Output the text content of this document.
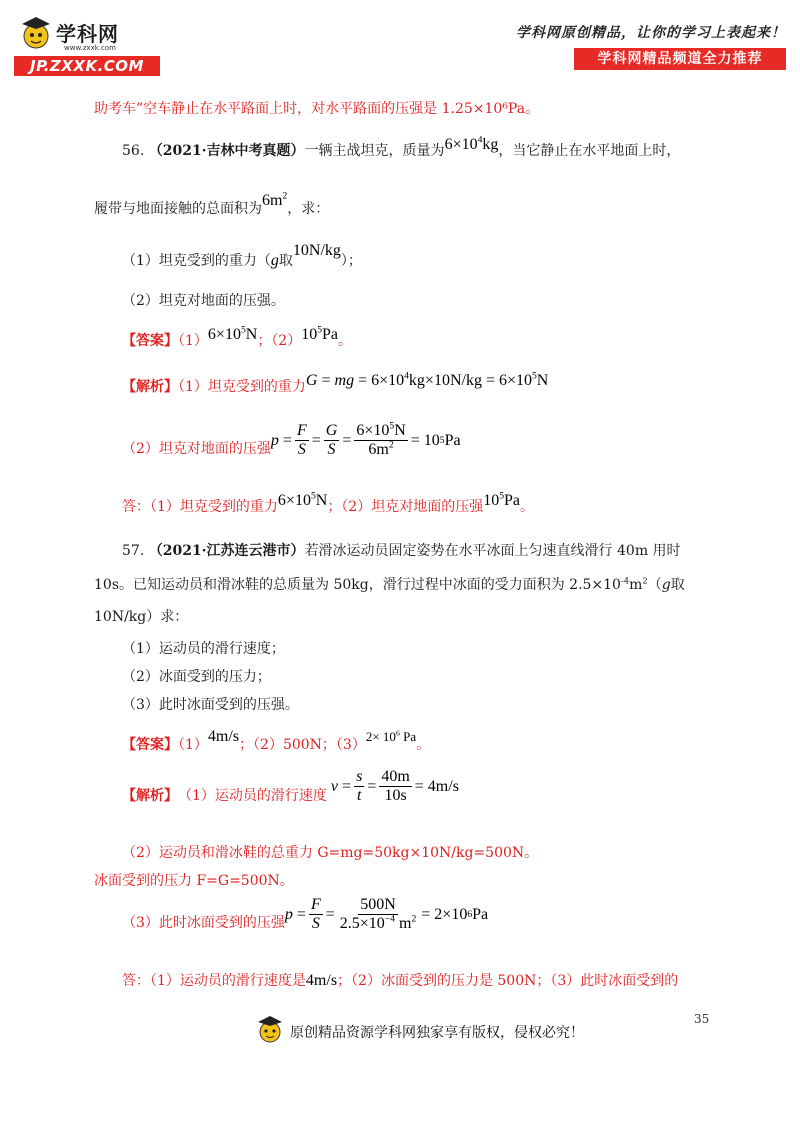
学科网
www.zxxk.com
JP.ZXXK.COM
学科网原创精品，让你的学习上表起来！
学科网精品频道全力推荐
助考车”空车静止在水平路面上时，对水平路面的压强是 1.25×10⁶Pa。
56. （2021·吉林中考真题）一辆主战坦克，质量为$6\times 10^4kg$，当它静止在水平地面上时，
履带与地面接触的总面积为$6m^2$，求：
（1）坦克受到的重力（g取10N/kg）；
（2）坦克对地面的压强。
【答案】$(1)6\times 10^5N$；$(2)10^5Pa$。
【解析】（1）坦克受到的重力G = mg = $6\times 10^4kg\times 10N/kg = 6\times 10^5N$
（2）坦克对地面的压强 p
= $\frac{F}{S} = \frac{G}{S} = \frac{6\times 10^5N}{6m^2} = 10$ 5 Pa
答：（1）坦克受到的重力$6\times 10^5N$；（2）坦克对地面的压强$10^5Pa$。
57. （2021·江苏连云港市）若滑冰运动员固定姿势在水平冰面上匀速直线滑行 40m 用时
10s。已知运动员和滑冰鞋的总质量为 50kg，滑行过程中冰面的受力面积为 $2.5\times 10^{-4}m^2(g$取
10N/kg）求：
（1）运动员的滑行速度；
（2）冰面受到的压力；
（3）此时冰面受到的压强。
【答案】（1）4m/s；（2）500N；$(3)2\times 10^6$ Pa。
【解析】 （1）运动员的滑行速度

v
= $\frac{s}{t} = \frac{40m}{10s} = 4m/s$
（2）运动员和滑冰鞋的总重力 G=mg=50kg×10N/kg=500N。
冰面受到的压力 F=G=500N。
（3）此时冰面受到的压强 p
= $\frac{F}{S} = \frac{500N}{2.5\times 10^{-4} m^2} = 2\times 10$ 6 Pa
答：（1）运动员的滑行速度是4m/s；（2）冰面受到的压力是 500N；（3）此时冰面受到的
35
原创精品资源学科网独家享有版权，侵权必究！
